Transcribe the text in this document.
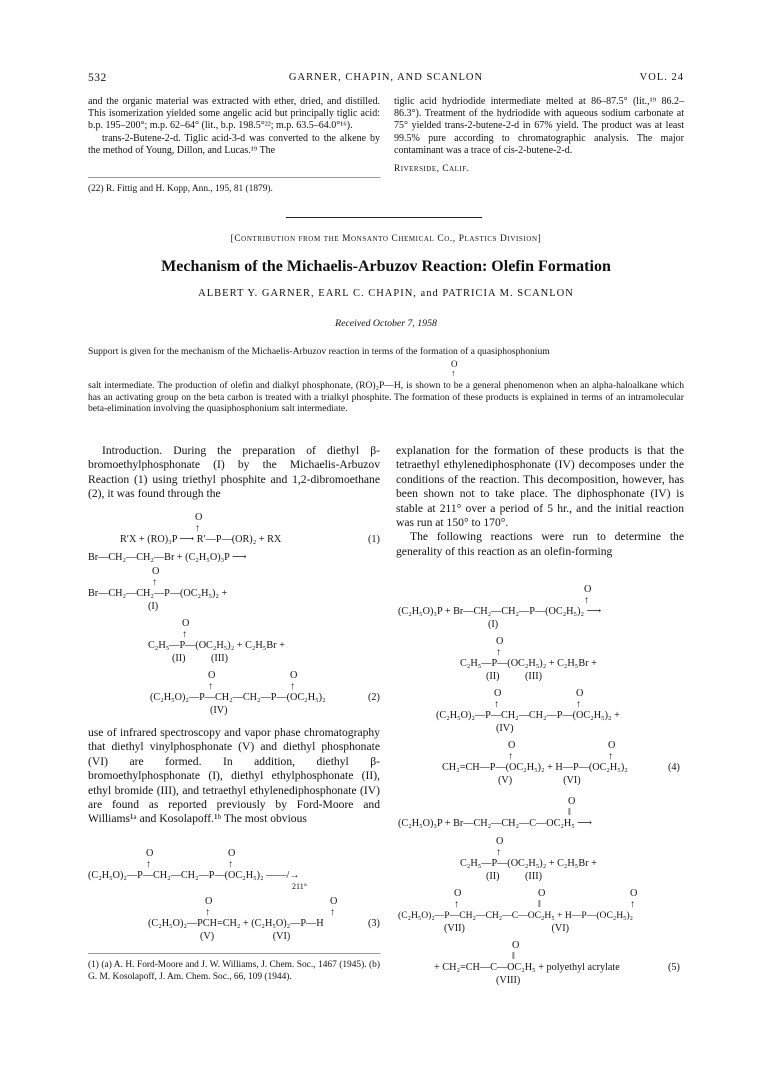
532	GARNER, CHAPIN, AND SCANLON	VOL. 24

and the organic material was extracted with ether, dried, and distilled. This isomerization yielded some angelic acid but principally tiglic acid: b.p. 195–200°; m.p. 62–64° (lit., b.p. 198.5°²²; m.p. 63.5–64.0°¹⁶).

trans-2-Butene-2-d. Tiglic acid-3-d was converted to the alkene by the method of Young, Dillon, and Lucas.¹⁹ The

(22) R. Fittig and H. Kopp, Ann., 195, 81 (1879).

tiglic acid hydriodide intermediate melted at 86–87.5° (lit.,¹⁹ 86.2–86.3°). Treatment of the hydriodide with aqueous sodium carbonate at 75° yielded trans-2-butene-2-d in 67% yield. The product was at least 99.5% pure according to chromatographic analysis. The major contaminant was a trace of cis-2-butene-2-d.

Riverside, Calif.

[Contribution from the Monsanto Chemical Co., Plastics Division]
Mechanism of the Michaelis-Arbuzov Reaction: Olefin Formation
ALBERT Y. GARNER, EARL C. CHAPIN, and PATRICIA M. SCANLON
Received October 7, 1958
Support is given for the mechanism of the Michaelis-Arbuzov reaction in terms of the formation of a quasiphosphonium
O
↑
salt intermediate. The production of olefin and dialkyl phosphonate, (RO)₂P—H, is shown to be a general phenomenon when an alpha-haloalkane which has an activating group on the beta carbon is treated with a trialkyl phosphite. The formation of these products is explained in terms of an intramolecular beta-elimination involving the quasiphosphonium salt intermediate.

Introduction. During the preparation of diethyl β-bromoethylphosphonate (I) by the Michaelis-Arbuzov Reaction (1) using triethyl phosphite and 1,2-dibromoethane (2), it was found through the

O
↑
R′X + (RO)₃P ⟶ R′—P—(OR)₂ + RX	(1)
Br—CH₂—CH₂—Br + (C₂H₅O)₃P ⟶
O
↑
Br—CH₂—CH₂—P—(OC₂H₅)₂ +
(I)
O
↑
C₂H₅—P—(OC₂H₅)₂ + C₂H₅Br +
(II)          (III)
O
↑
O
↑
(C₂H₅O)₂—P—CH₂—CH₂—P—(OC₂H₅)₂
(IV)
(2)

use of infrared spectroscopy and vapor phase chromatography that diethyl vinylphosphonate (V) and diethyl phosphonate (VI) are formed. In addition, diethyl β-bromoethylphosphonate (I), diethyl ethylphosphonate (II), ethyl bromide (III), and tetraethyl ethylenediphosphonate (IV) are found as reported previously by Ford-Moore and Williams¹ᵃ and Kosolapoff.¹ᵇ The most obvious

O
↑
O
↑
(C₂H₅O)₂—P—CH₂—CH₂—P—(OC₂H₅)₂ ——/→
211°
O
↑
O
↑
(C₂H₅O)₂—PCH=CH₂ + (C₂H₅O)₂—P—H
(V)                       (VI)
(3)
(1) (a) A. H. Ford-Moore and J. W. Williams, J. Chem. Soc., 1467 (1945). (b) G. M. Kosolapoff, J. Am. Chem. Soc., 66, 109 (1944).

explanation for the formation of these products is that the tetraethyl ethylenediphosphonate (IV) decomposes under the conditions of the reaction. This decomposition, however, has been shown not to take place. The diphosphonate (IV) is stable at 211° over a period of 5 hr., and the initial reaction was run at 150° to 170°.

The following reactions were run to determine the generality of this reaction as an olefin-forming

O
↑
(C₂H₅O)₃P + Br—CH₂—CH₂—P—(OC₂H₅)₂ ⟶
(I)
O
↑
C₂H₅—P—(OC₂H₅)₂ + C₂H₅Br +
(II)          (III)
O
↑
O
↑
(C₂H₅O)₂—P—CH₂—CH₂—P—(OC₂H₅)₂ +
(IV)
O
↑
O
↑
CH₂=CH—P—(OC₂H₅)₂ + H—P—(OC₂H₅)₂
(V)                    (VI)
(4)
O
‖
(C₂H₅O)₃P + Br—CH₂—CH₂—C—OC₂H₅ ⟶
O
↑
C₂H₅—P—(OC₂H₅)₂ + C₂H₅Br +
(II)          (III)
O
↑
O
‖
O
↑
(C₂H₅O)₂—P—CH₂—CH₂—C—OC₂H₅ + H—P—(OC₂H₅)₂
(VII)                                  (VI)
O
‖
+ CH₂=CH—C—OC₂H₅ + polyethyl acrylate
(VIII)
(5)
